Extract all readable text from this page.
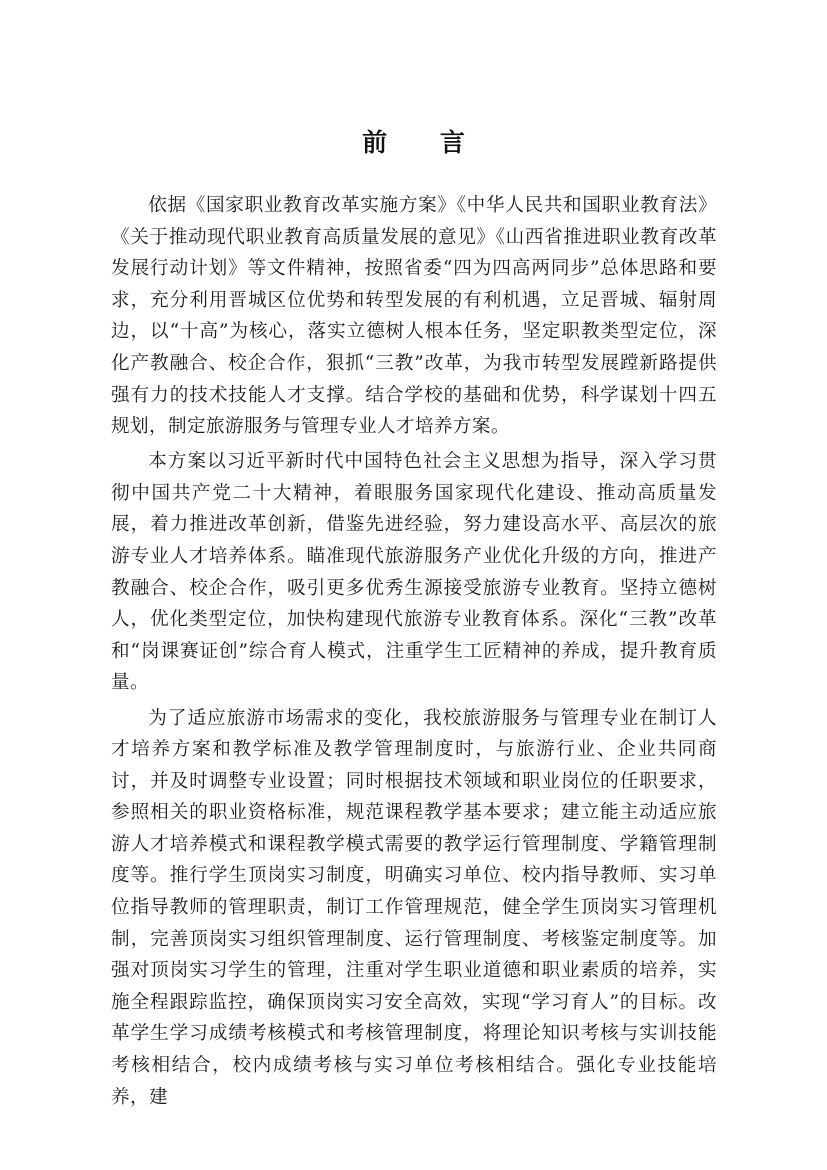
前 言

依据《国家职业教育改革实施方案》《中华人民共和国职业教育法》《关于推动现代职业教育高质量发展的意见》《山西省推进职业教育改革发展行动计划》等文件精神，按照省委“四为四高两同步”总体思路和要求，充分利用晋城区位优势和转型发展的有利机遇，立足晋城、辐射周边，以“十高”为核心，落实立德树人根本任务，坚定职教类型定位，深化产教融合、校企合作，狠抓“三教”改革，为我市转型发展蹚新路提供强有力的技术技能人才支撑。结合学校的基础和优势，科学谋划十四五规划，制定旅游服务与管理专业人才培养方案。

本方案以习近平新时代中国特色社会主义思想为指导，深入学习贯彻中国共产党二十大精神，着眼服务国家现代化建设、推动高质量发展，着力推进改革创新，借鉴先进经验，努力建设高水平、高层次的旅游专业人才培养体系。瞄准现代旅游服务产业优化升级的方向，推进产教融合、校企合作，吸引更多优秀生源接受旅游专业教育。坚持立德树人，优化类型定位，加快构建现代旅游专业教育体系。深化“三教”改革和“岗课赛证创”综合育人模式，注重学生工匠精神的养成，提升教育质量。

为了适应旅游市场需求的变化，我校旅游服务与管理专业在制订人才培养方案和教学标准及教学管理制度时，与旅游行业、企业共同商讨，并及时调整专业设置；同时根据技术领域和职业岗位的任职要求，参照相关的职业资格标准，规范课程教学基本要求；建立能主动适应旅游人才培养模式和课程教学模式需要的教学运行管理制度、学籍管理制度等。推行学生顶岗实习制度，明确实习单位、校内指导教师、实习单位指导教师的管理职责，制订工作管理规范，健全学生顶岗实习管理机制，完善顶岗实习组织管理制度、运行管理制度、考核鉴定制度等。加强对顶岗实习学生的管理，注重对学生职业道德和职业素质的培养，实施全程跟踪监控，确保顶岗实习安全高效，实现“学习育人”的目标。改革学生学习成绩考核模式和考核管理制度，将理论知识考核与实训技能考核相结合，校内成绩考核与实习单位考核相结合。强化专业技能培养，建
